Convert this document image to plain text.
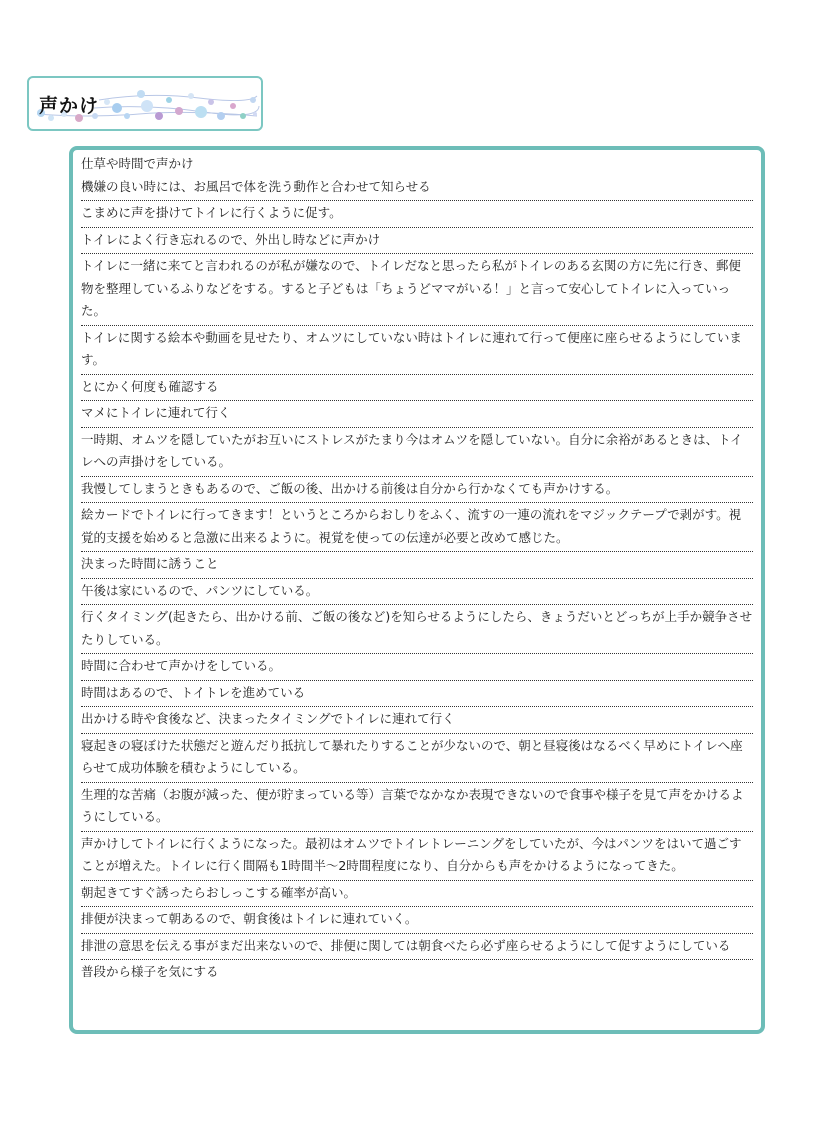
声かけ
仕草や時間で声かけ
機嫌の良い時には、お風呂で体を洗う動作と合わせて知らせる
こまめに声を掛けてトイレに行くように促す。
トイレによく行き忘れるので、外出し時などに声かけ
トイレに一緒に来てと言われるのが私が嫌なので、トイレだなと思ったら私がトイレのある玄関の方に先に行き、郵便物を整理しているふりなどをする。すると子どもは「ちょうどママがいる！」と言って安心してトイレに入っていった。
トイレに関する絵本や動画を見せたり、オムツにしていない時はトイレに連れて行って便座に座らせるようにしています。
とにかく何度も確認する
マメにトイレに連れて行く
一時期、オムツを隠していたがお互いにストレスがたまり今はオムツを隠していない。自分に余裕があるときは、トイレへの声掛けをしている。
我慢してしまうときもあるので、ご飯の後、出かける前後は自分から行かなくても声かけする。
絵カードでトイレに行ってきます！というところからおしりをふく、流すの一連の流れをマジックテープで剥がす。視覚的支援を始めると急激に出来るように。視覚を使っての伝達が必要と改めて感じた。
決まった時間に誘うこと
午後は家にいるので、パンツにしている。
行くタイミング(起きたら、出かける前、ご飯の後など)を知らせるようにしたら、きょうだいとどっちが上手か競争させたりしている。
時間に合わせて声かけをしている。
時間はあるので、トイトレを進めている
出かける時や食後など、決まったタイミングでトイレに連れて行く
寝起きの寝ぼけた状態だと遊んだり抵抗して暴れたりすることが少ないので、朝と昼寝後はなるべく早めにトイレへ座らせて成功体験を積むようにしている。
生理的な苦痛（お腹が減った、便が貯まっている等）言葉でなかなか表現できないので食事や様子を見て声をかけるようにしている。
声かけしてトイレに行くようになった。最初はオムツでトイレトレーニングをしていたが、今はパンツをはいて過ごすことが増えた。トイレに行く間隔も1時間半～2時間程度になり、自分からも声をかけるようになってきた。
朝起きてすぐ誘ったらおしっこする確率が高い。
排便が決まって朝あるので、朝食後はトイレに連れていく。
排泄の意思を伝える事がまだ出来ないので、排便に関しては朝食べたら必ず座らせるようにして促すようにしている
普段から様子を気にする
